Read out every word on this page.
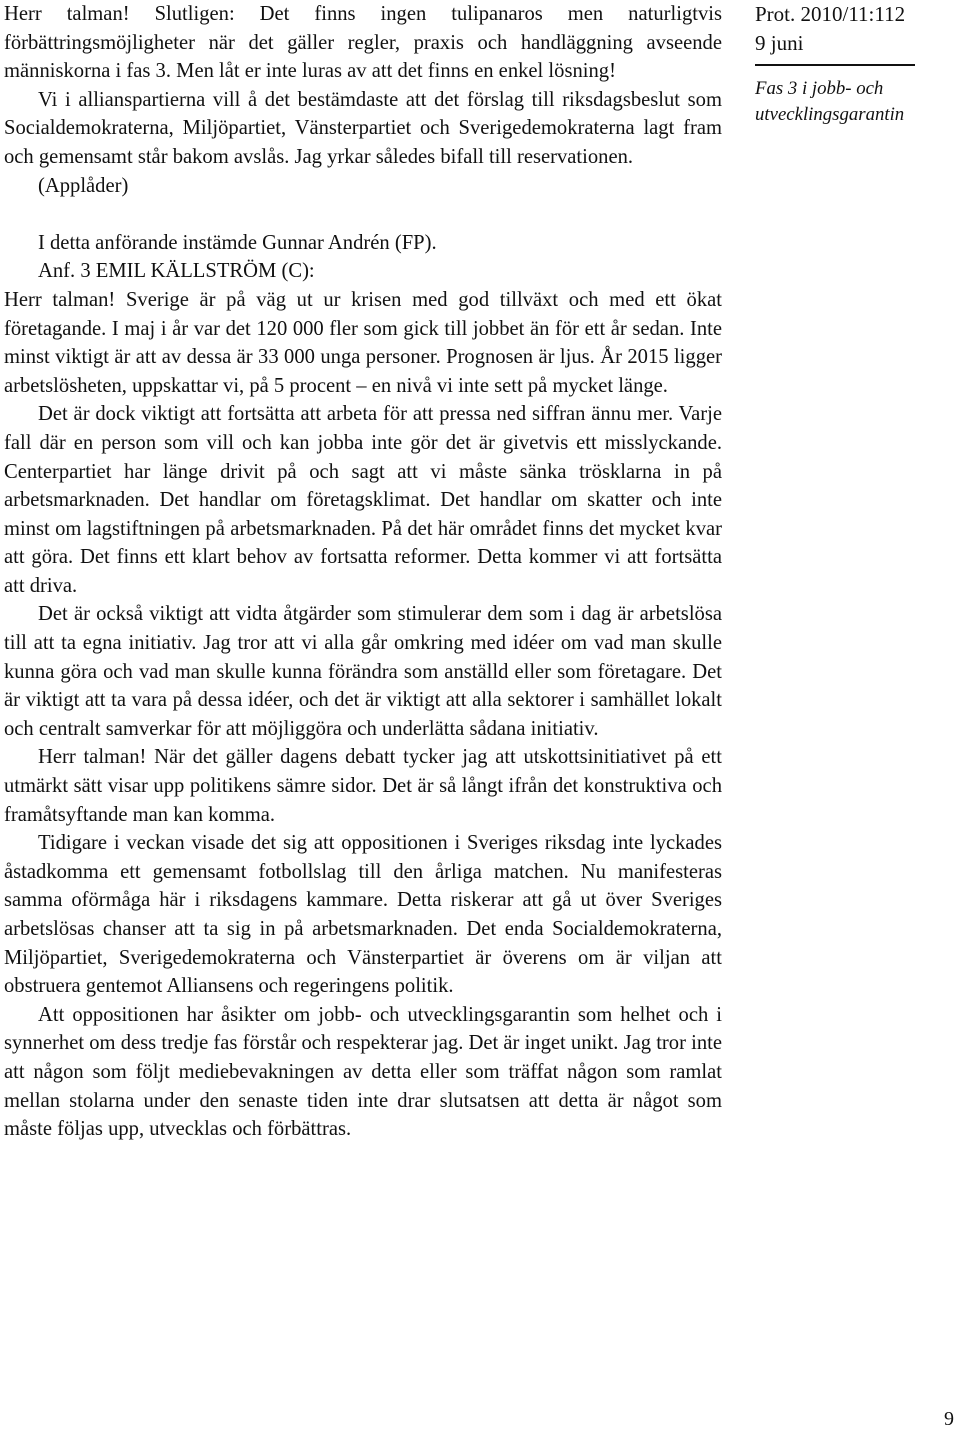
Herr talman! Slutligen: Det finns ingen tulipanaros men naturligtvis förbättringsmöjligheter när det gäller regler, praxis och handläggning avseende människorna i fas 3. Men låt er inte luras av att det finns en enkel lösning!

Vi i allianspartierna vill å det bestämdaste att det förslag till riksdagsbeslut som Socialdemokraterna, Miljöpartiet, Vänsterpartiet och Sverigedemokraterna lagt fram och gemensamt står bakom avslås. Jag yrkar således bifall till reservationen.

(Applåder)

I detta anförande instämde Gunnar Andrén (FP).

Anf. 3 EMIL KÄLLSTRÖM (C):

Herr talman! Sverige är på väg ut ur krisen med god tillväxt och med ett ökat företagande. I maj i år var det 120 000 fler som gick till jobbet än för ett år sedan. Inte minst viktigt är att av dessa är 33 000 unga personer. Prognosen är ljus. År 2015 ligger arbetslösheten, uppskattar vi, på 5 procent – en nivå vi inte sett på mycket länge.

Det är dock viktigt att fortsätta att arbeta för att pressa ned siffran ännu mer. Varje fall där en person som vill och kan jobba inte gör det är givetvis ett misslyckande. Centerpartiet har länge drivit på och sagt att vi måste sänka trösklarna in på arbetsmarknaden. Det handlar om företagsklimat. Det handlar om skatter och inte minst om lagstiftningen på arbetsmarknaden. På det här området finns det mycket kvar att göra. Det finns ett klart behov av fortsatta reformer. Detta kommer vi att fortsätta att driva.

Det är också viktigt att vidta åtgärder som stimulerar dem som i dag är arbetslösa till att ta egna initiativ. Jag tror att vi alla går omkring med idéer om vad man skulle kunna göra och vad man skulle kunna förändra som anställd eller som företagare. Det är viktigt att ta vara på dessa idéer, och det är viktigt att alla sektorer i samhället lokalt och centralt samverkar för att möjliggöra och underlätta sådana initiativ.

Herr talman! När det gäller dagens debatt tycker jag att utskottsinitiativet på ett utmärkt sätt visar upp politikens sämre sidor. Det är så långt ifrån det konstruktiva och framåtsyftande man kan komma.

Tidigare i veckan visade det sig att oppositionen i Sveriges riksdag inte lyckades åstadkomma ett gemensamt fotbollslag till den årliga matchen. Nu manifesteras samma oförmåga här i riksdagens kammare. Detta riskerar att gå ut över Sveriges arbetslösas chanser att ta sig in på arbetsmarknaden. Det enda Socialdemokraterna, Miljöpartiet, Sverigedemokraterna och Vänsterpartiet är överens om är viljan att obstruera gentemot Alliansens och regeringens politik.

Att oppositionen har åsikter om jobb- och utvecklingsgarantin som helhet och i synnerhet om dess tredje fas förstår och respekterar jag. Det är inget unikt. Jag tror inte att någon som följt mediebevakningen av detta eller som träffat någon som ramlat mellan stolarna under den senaste tiden inte drar slutsatsen att detta är något som måste följas upp, utvecklas och förbättras.

Prot. 2010/11:112

9 juni

Fas 3 i jobb- och

utvecklingsgarantin

9
